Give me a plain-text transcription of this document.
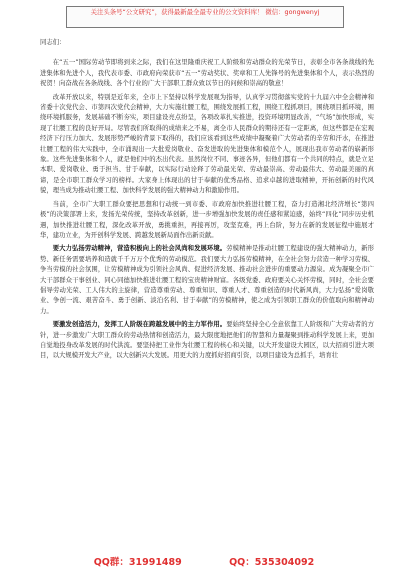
关注头条号“公文研究”，获得最新最全最专业的公文资料库！ 微信：gongwenyj
同志们：

在“五一”国际劳动节即将到来之际，我们在这里隆重庆祝工人阶级和劳动群众的光荣节日，表彰全市各条战线的先进集体和先进个人，我代表市委、市政府向荣获市“五一”劳动奖状、奖章和工人先锋号的先进集体和个人，表示热烈的祝贺！向奋战在各条战线、各个行业的广大干部职工群众致以节日的问候和崇高的敬意！

改革开放以来，特别是近年来，全市上下坚持以科学发展观为指导，认真学习贯彻落实党的十九届六中全会精神和省委十次党代会、市第四次党代会精神，大力实施壮腰工程，围绕发展抓工程，围绕工程抓项目，围绕项目抓环境，围绕环境抓服务，发展基础不断夯实，项目建设亮点纷呈，各项改革扎实推进，投资环境明显改善，“气场”加快形成，实现了壮腰工程的良好开局。尽管我们所取得的成绩来之不易，离全市人民群众的期待还有一定距离，但这些都是在宏观经济下行压力加大、发展形势严峻的背景下取得的，我们应该看到这些成绩中凝聚着广大劳动者的辛劳和汗水，在推进壮腰工程的伟大实践中，全市涌现出一大批爱岗敬业、奋发进取的先进集体和模范个人，展现出我市劳动者的崭新形象。这些先进集体和个人，就是他们中的杰出代表。虽然岗位不同、事迹各异，但他们都有一个共同的特点，就是立足本职、爱岗敬业、勇于担当、甘于奉献，以实际行动诠释了劳动最光荣、劳动最崇高、劳动最伟大、劳动最美丽的真谛，是全市职工群众学习的榜样。大家身上体现出的甘于奉献的优秀品格、追求卓越的进取精神，开拓创新的时代风貌，理当成为推动壮腰工程、加快科学发展的强大精神动力和激励作用。

当前，全市广大职工群众要把思想和行动统一到市委、市政府加快推进壮腰工程，奋力打造湘北经济增长“第四极”的决策部署上来，发扬光荣传统，坚持改革创新，进一步增强加快发展的责任感和紧迫感，始终“四化”同步历史机遇，加快推进壮腰工程，深化改革开放，勇挑重担，再接再厉，攻坚克难，再上台阶，努力在新的发展征程中施展才华，建功立业，为开创科学发展、跨越发展新局面作出新贡献。

要大力弘扬劳动精神，营造积极向上的社会风尚和发展环境。劳模精神是推动壮腰工程建设的强大精神动力，新形势、新任务需要培养和造就千千万万个优秀的劳动模范。我们要大力弘扬劳模精神，在全社会努力营造一种学习劳模、争当劳模的社会氛围，让劳模精神成为引领社会风尚、促进经济发展、推动社会进步的重要动力源泉。成为凝聚全市广大干部群众干事创业、同心同德加快推进壮腰工程的宝贵精神财富。各级党委、政府要关心关怀劳模，同时，全社会要倡导劳动光荣、工人伟大的主旋律，营造尊重劳动、尊重知识、尊重人才、尊重创造的时代新风尚，大力弘扬“爱岗敬业、争创一流、艰苦奋斗、勇于创新、淡泊名利、甘于奉献”的劳模精神，使之成为引领职工群众的价值取向和精神动力。

要激发创造活力，发挥工人阶级在跨越发展中的主力军作用。要始终坚持全心全意依靠工人阶级和广大劳动者的方针，进一步激发广大职工群众的劳动热情和创造活力，最大限度地把他们的智慧和力量凝聚到推动科学发展上来，更加自觉地投身改革发展的时代洪流。要坚持把工业作为壮腰工程的核心和关键，以大开发建设大园区，以大招商引进大项目，以大规模开发大产业，以大创新兴大发展。用更大的力度抓好招商引资，以项目建设为总抓手，培育壮

QQ群：31991489	QQ：535304092
